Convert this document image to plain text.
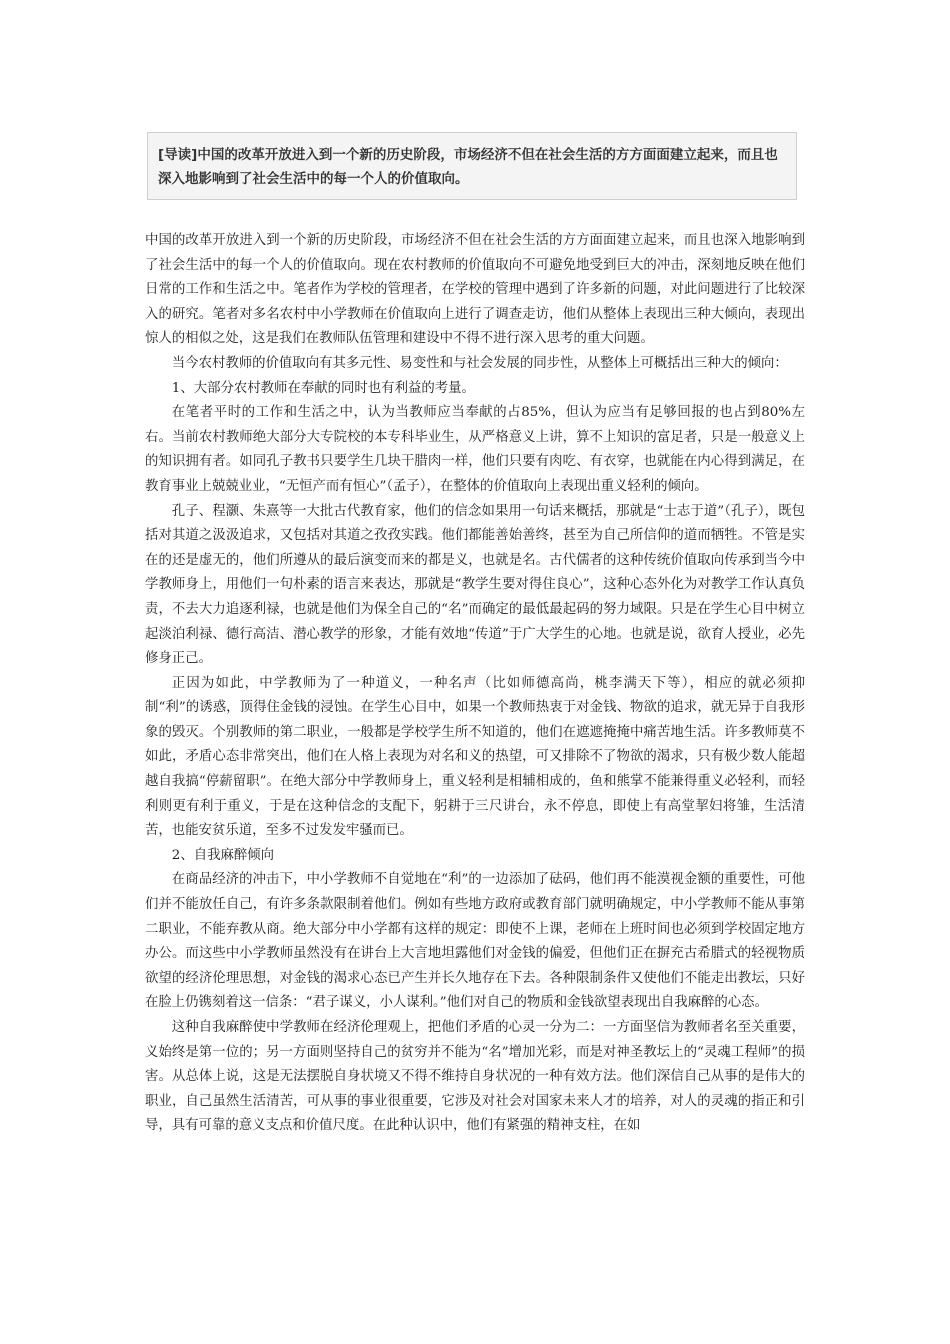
[导读]中国的改革开放进入到一个新的历史阶段，市场经济不但在社会生活的方方面面建立起来，而且也深入地影响到了社会生活中的每一个人的价值取向。

中国的改革开放进入到一个新的历史阶段，市场经济不但在社会生活的方方面面建立起来，而且也深入地影响到了社会生活中的每一个人的价值取向。现在农村教师的价值取向不可避免地受到巨大的冲击，深刻地反映在他们日常的工作和生活之中。笔者作为学校的管理者，在学校的管理中遇到了许多新的问题，对此问题进行了比较深入的研究。笔者对多名农村中小学教师在价值取向上进行了调查走访，他们从整体上表现出三种大倾向，表现出惊人的相似之处，这是我们在教师队伍管理和建设中不得不进行深入思考的重大问题。

当今农村教师的价值取向有其多元性、易变性和与社会发展的同步性，从整体上可概括出三种大的倾向：

1、大部分农村教师在奉献的同时也有利益的考量。

在笔者平时的工作和生活之中，认为当教师应当奉献的占85%，但认为应当有足够回报的也占到80%左右。当前农村教师绝大部分大专院校的本专科毕业生，从严格意义上讲，算不上知识的富足者，只是一般意义上的知识拥有者。如同孔子教书只要学生几块干腊肉一样，他们只要有肉吃、有衣穿，也就能在内心得到满足，在教育事业上兢兢业业，“无恒产而有恒心”（孟子），在整体的价值取向上表现出重义轻利的倾向。

孔子、程灏、朱熹等一大批古代教育家，他们的信念如果用一句话来概括，那就是“士志于道”（孔子），既包括对其道之汲汲追求，又包括对其道之孜孜实践。他们都能善始善终，甚至为自己所信仰的道而牺牲。不管是实在的还是虚无的，他们所遵从的最后演变而来的都是义，也就是名。古代儒者的这种传统价值取向传承到当今中学教师身上，用他们一句朴素的语言来表达，那就是“教学生要对得住良心”，这种心态外化为对教学工作认真负责，不去大力追逐利禄，也就是他们为保全自己的“名”而确定的最低最起码的努力域限。只是在学生心目中树立起淡泊利禄、德行高洁、潜心教学的形象，才能有效地“传道”于广大学生的心地。也就是说，欲育人授业，必先修身正己。

正因为如此，中学教师为了一种道义，一种名声（比如师德高尚，桃李满天下等），相应的就必须抑制“利”的诱惑，顶得住金钱的浸蚀。在学生心目中，如果一个教师热衷于对金钱、物欲的追求，就无异于自我形象的毁灭。个别教师的第二职业，一般都是学校学生所不知道的，他们在遮遮掩掩中痛苦地生活。许多教师莫不如此，矛盾心态非常突出，他们在人格上表现为对名和义的热望，可又排除不了物欲的渴求，只有极少数人能超越自我搞“停薪留职”。在绝大部分中学教师身上，重义轻利是相辅相成的，鱼和熊掌不能兼得重义必轻利，而轻利则更有利于重义，于是在这种信念的支配下，躬耕于三尺讲台，永不停息，即使上有高堂挈妇将雏，生活清苦，也能安贫乐道，至多不过发发牢骚而已。

2、自我麻醉倾向

在商品经济的冲击下，中小学教师不自觉地在“利”的一边添加了砝码，他们再不能漠视金额的重要性，可他们并不能放任自己，有许多条款限制着他们。例如有些地方政府或教育部门就明确规定，中小学教师不能从事第二职业，不能弃教从商。绝大部分中小学都有这样的规定：即使不上课，老师在上班时间也必须到学校固定地方办公。而这些中小学教师虽然没有在讲台上大言地坦露他们对金钱的偏爱，但他们正在摒充古希腊式的轻视物质欲望的经济伦理思想，对金钱的渴求心态已产生并长久地存在下去。各种限制条件又使他们不能走出教坛，只好在脸上仍镌刻着这一信条：“君子谋义，小人谋利。”他们对自己的物质和金钱欲望表现出自我麻醉的心态。

这种自我麻醉使中学教师在经济伦理观上，把他们矛盾的心灵一分为二：一方面坚信为教师者名至关重要，义始终是第一位的；另一方面则坚持自己的贫穷并不能为“名”增加光彩，而是对神圣教坛上的“灵魂工程师”的损害。从总体上说，这是无法摆脱自身状境又不得不维持自身状况的一种有效方法。他们深信自己从事的是伟大的职业，自己虽然生活清苦，可从事的事业很重要，它涉及对社会对国家未来人才的培养，对人的灵魂的指正和引导，具有可靠的意义支点和价值尺度。在此种认识中，他们有紧强的精神支柱，在如
